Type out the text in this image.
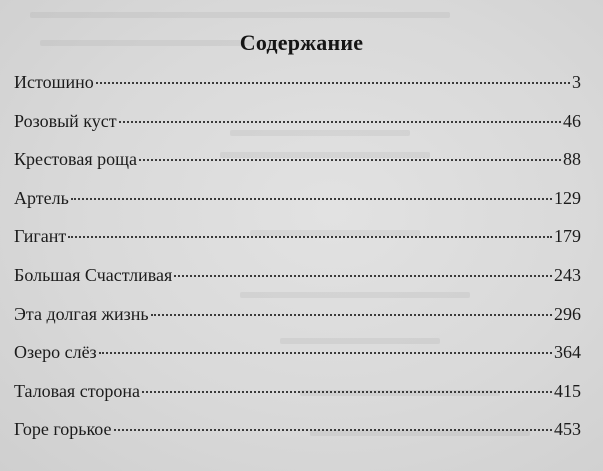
Содержание
Истошино	3
Розовый куст	46
Крестовая роща	88
Артель	129
Гигант	179
Большая Счастливая	243
Эта долгая жизнь	296
Озеро слёз	364
Таловая сторона	415
Горе горькое	453
